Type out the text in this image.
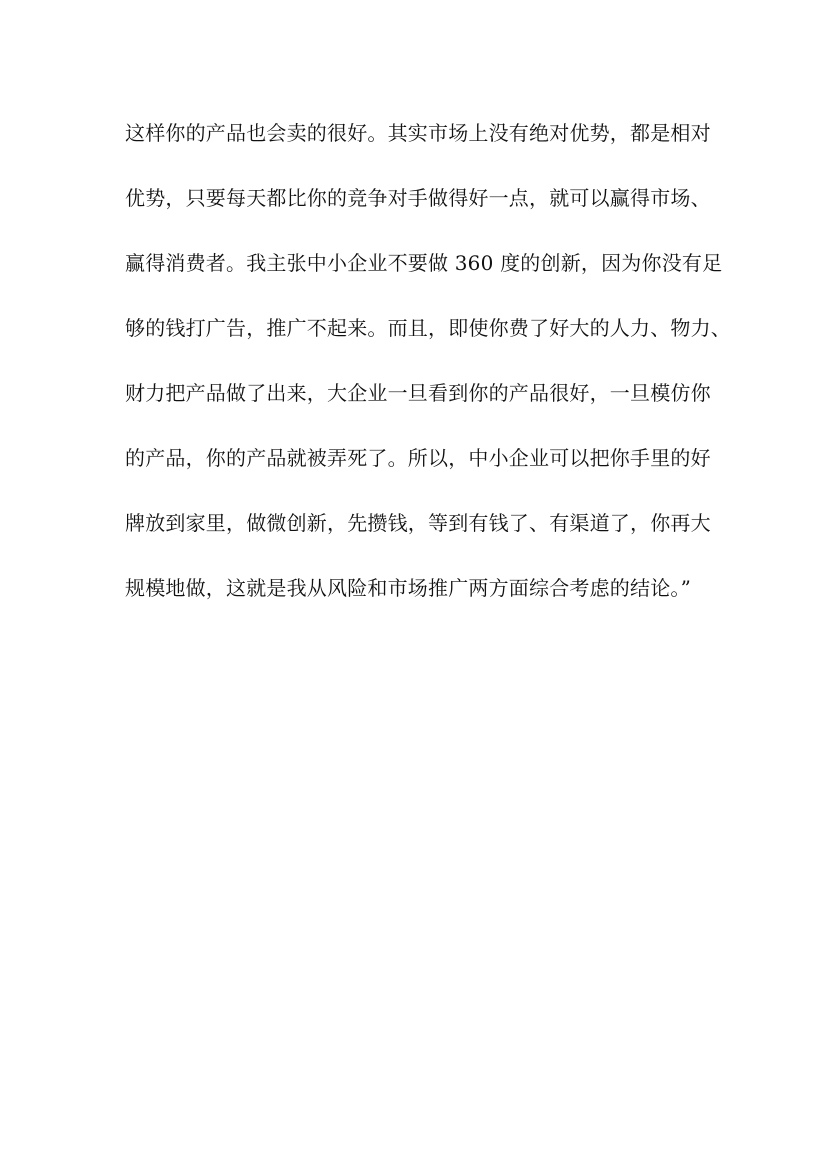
这样你的产品也会卖的很好。其实市场上没有绝对优势，都是相对
优势，只要每天都比你的竞争对手做得好一点，就可以赢得市场、
赢得消费者。我主张中小企业不要做 360 度的创新，因为你没有足
够的钱打广告，推广不起来。而且，即使你费了好大的人力、物力、
财力把产品做了出来，大企业一旦看到你的产品很好，一旦模仿你
的产品，你的产品就被弄死了。所以，中小企业可以把你手里的好
牌放到家里，做微创新，先攒钱，等到有钱了、有渠道了，你再大
规模地做，这就是我从风险和市场推广两方面综合考虑的结论。”
